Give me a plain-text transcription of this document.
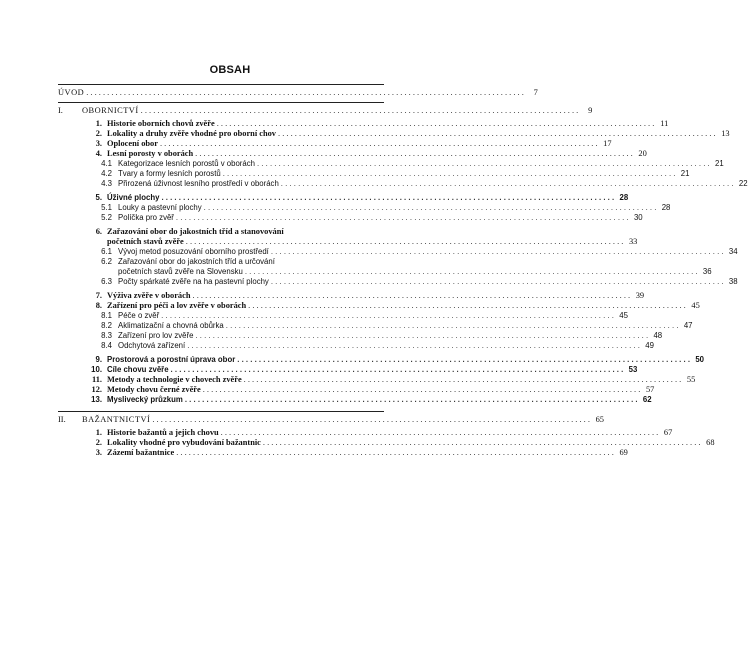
OBSAH
ÚVOD . . .	7
I.	OBORNICTVÍ . . .	9
1. Historie oborních chovů zvěře . . .	11
2. Lokality a druhy zvěře vhodné pro oborní chov . . .	13
3. Oplocení obor . . .	17
4. Lesní porosty v oborách . . .	20
4.1 Kategorizace lesních porostů v oborách . . .	21
4.2 Tvary a formy lesních porostů . . .	21
4.3 Přirozená úživnost lesního prostředí v oborách . . .	22
5. Úživné plochy . . .	28
5.1 Louky a pastevní plochy . . .	28
5.2 Políčka pro zvěř . . .	30
6. Zařazování obor do jakostních tříd a stanovování
početních stavů zvěře . . .	33
6.1 Vývoj metod posuzování oborního prostředí . . .	34
6.2 Zařazování obor do jakostních tříd a určování
početních stavů zvěře na Slovensku . . .	36
6.3 Počty spárkaté zvěře na ha pastevní plochy . . .	38
7. Výživa zvěře v oborách . . .	39
8. Zařízení pro péči a lov zvěře v oborách . . .	45
8.1 Péče o zvěř . . .	45
8.2 Aklimatizační a chovná obůrka . . .	47
8.3 Zařízení pro lov zvěře . . .	48
8.4 Odchytová zařízení . . .	49
9. Prostorová a porostní úprava obor . . .	50
10. Cíle chovu zvěře . . .	53
11. Metody a technologie v chovech zvěře . . .	55
12. Metody chovu černé zvěře . . .	57
13. Myslivecký průzkum . . .	62
II.	BAŽANTNICTVÍ . . .	65
1. Historie bažantů a jejich chovu . . .	67
2. Lokality vhodné pro vybudování bažantnic . . .	68
3. Zázemí bažantnice . . .	69
